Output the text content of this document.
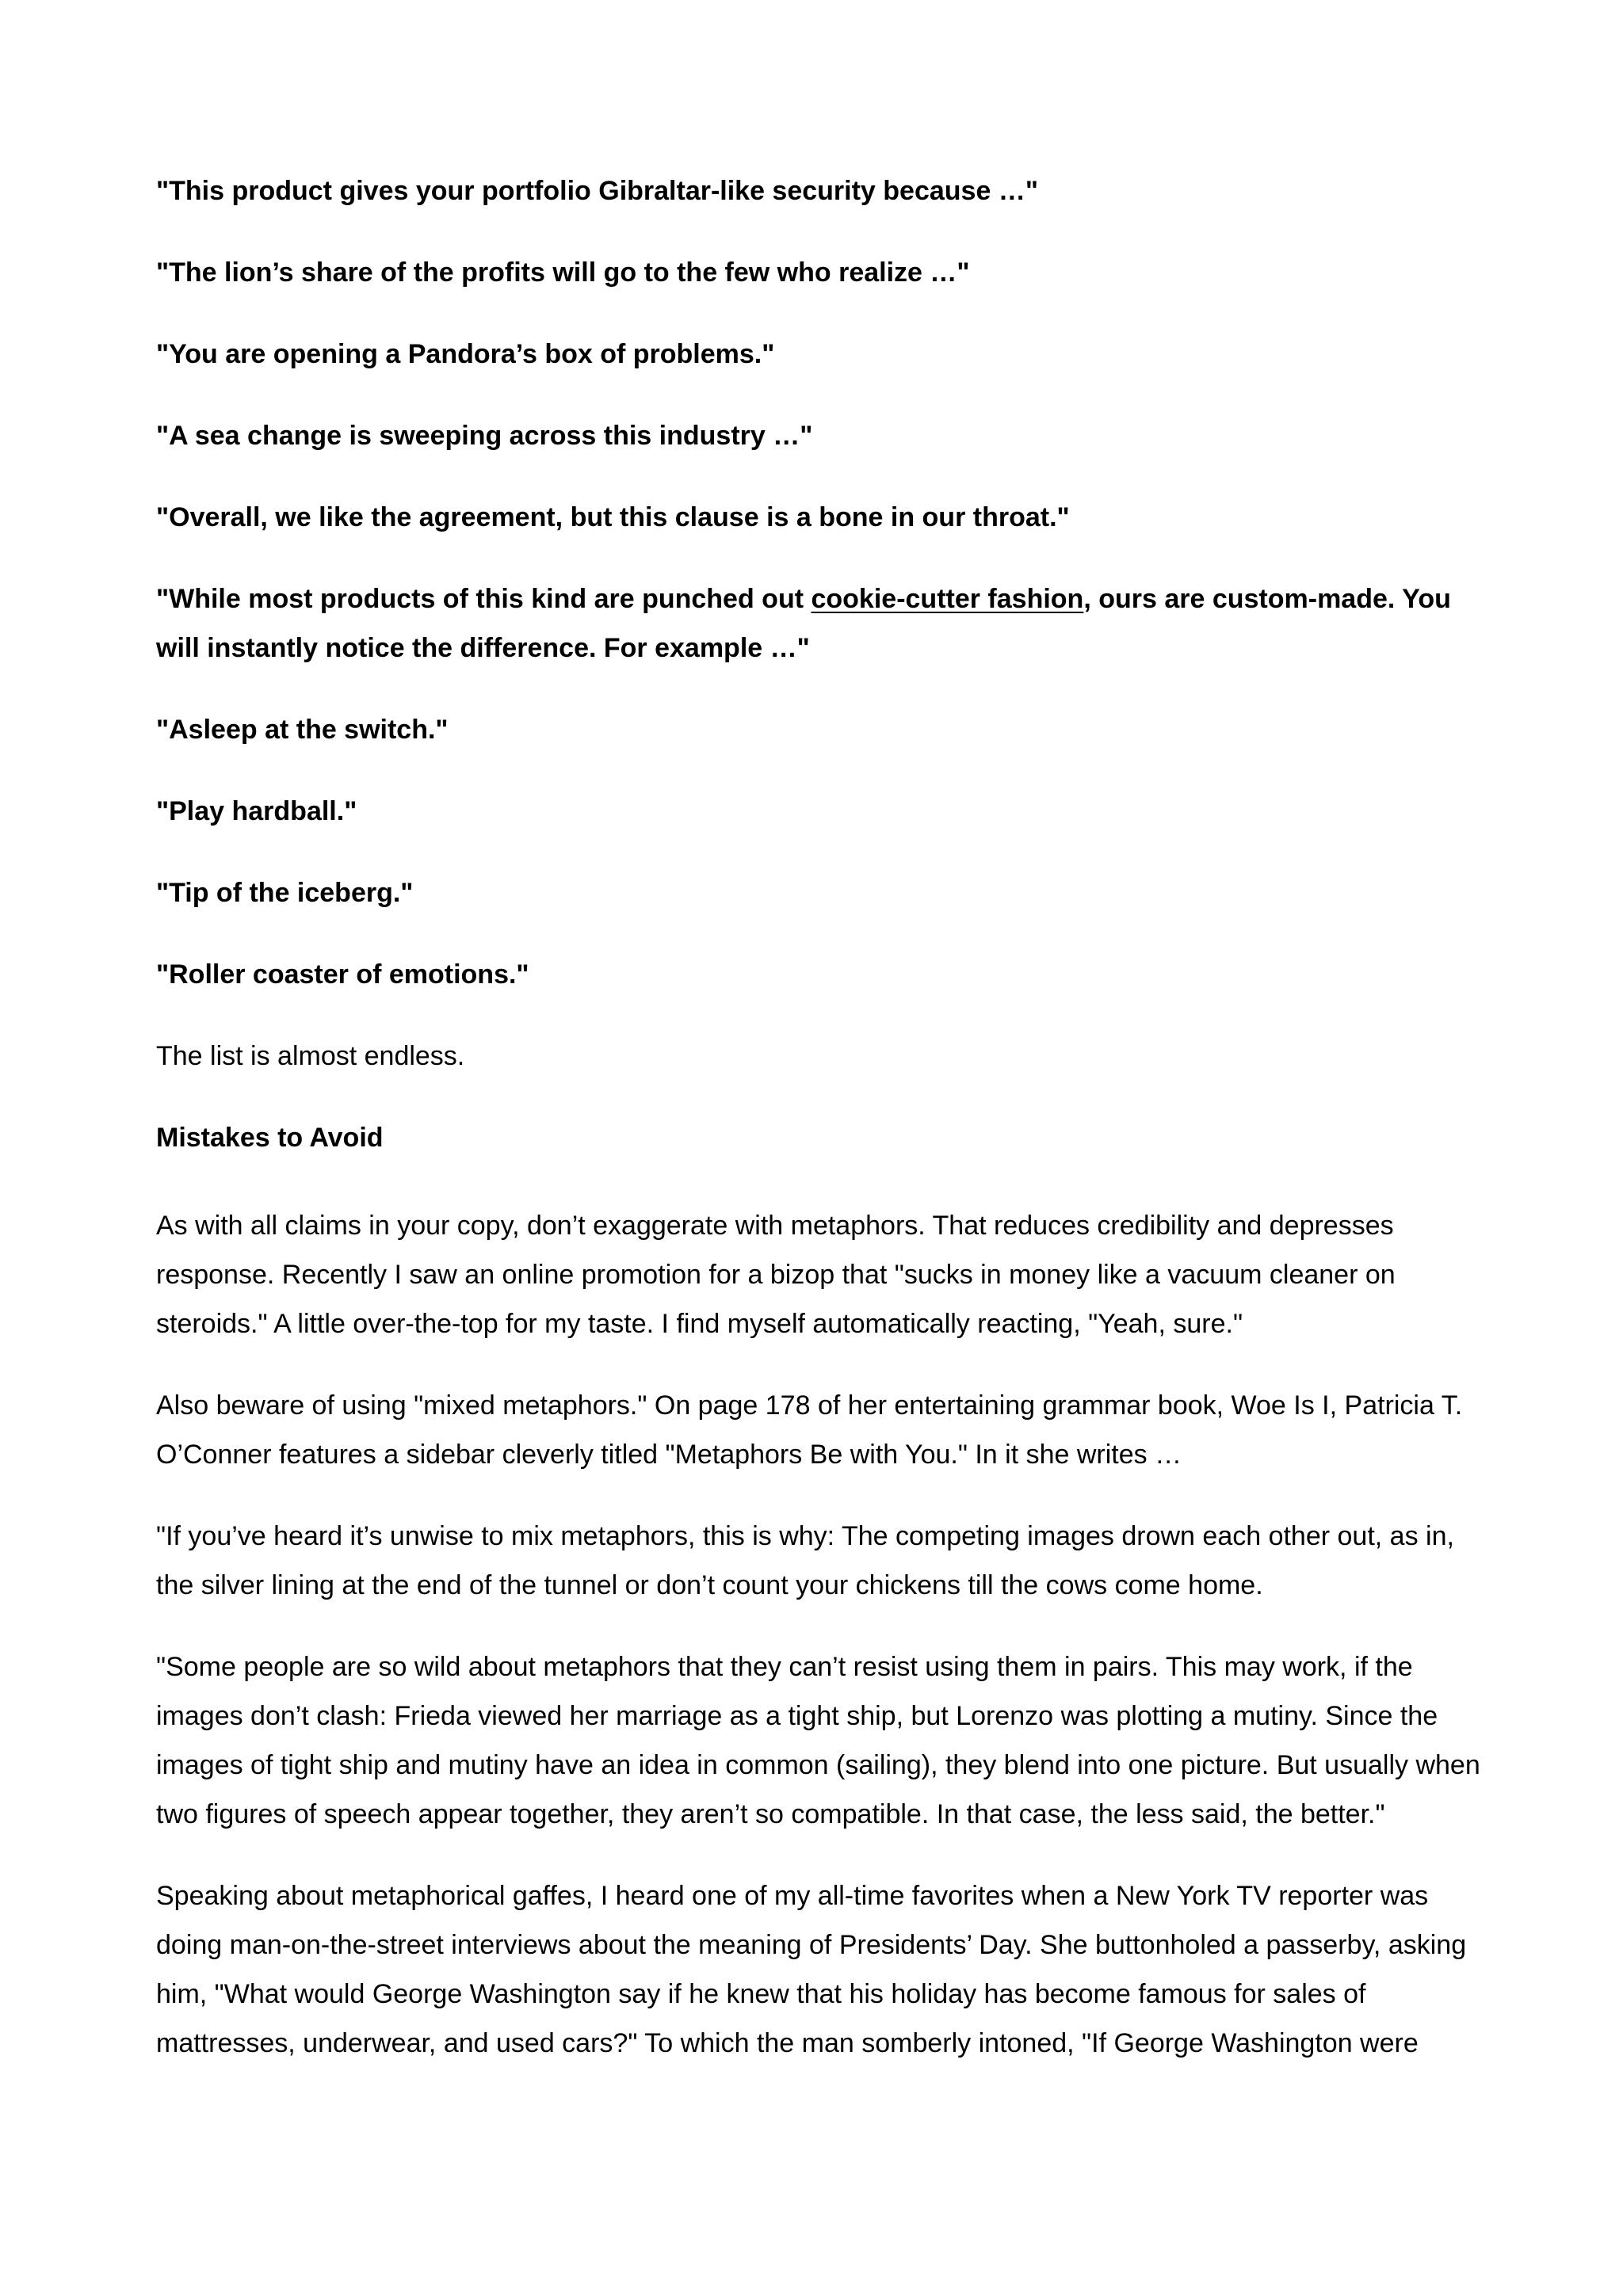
"This product gives your portfolio Gibraltar-like security because …"

"The lion’s share of the profits will go to the few who realize …"

"You are opening a Pandora’s box of problems."

"A sea change is sweeping across this industry …"

"Overall, we like the agreement, but this clause is a bone in our throat."

"While most products of this kind are punched out cookie-cutter fashion, ours are custom-made. You will instantly notice the difference. For example …"

"Asleep at the switch."

"Play hardball."

"Tip of the iceberg."

"Roller coaster of emotions."

The list is almost endless.

Mistakes to Avoid

As with all claims in your copy, don’t exaggerate with metaphors. That reduces credibility and depresses response. Recently I saw an online promotion for a bizop that "sucks in money like a vacuum cleaner on steroids." A little over-the-top for my taste. I find myself automatically reacting, "Yeah, sure."

Also beware of using "mixed metaphors." On page 178 of her entertaining grammar book, Woe Is I, Patricia T. O’Conner features a sidebar cleverly titled "Metaphors Be with You." In it she writes …

"If you’ve heard it’s unwise to mix metaphors, this is why: The competing images drown each other out, as in, the silver lining at the end of the tunnel or don’t count your chickens till the cows come home.

"Some people are so wild about metaphors that they can’t resist using them in pairs. This may work, if the images don’t clash: Frieda viewed her marriage as a tight ship, but Lorenzo was plotting a mutiny. Since the images of tight ship and mutiny have an idea in common (sailing), they blend into one picture. But usually when two figures of speech appear together, they aren’t so compatible. In that case, the less said, the better."

Speaking about metaphorical gaffes, I heard one of my all-time favorites when a New York TV reporter was doing man-on-the-street interviews about the meaning of Presidents’ Day. She buttonholed a passerby, asking him, "What would George Washington say if he knew that his holiday has become famous for sales of mattresses, underwear, and used cars?" To which the man somberly intoned, "If George Washington were
